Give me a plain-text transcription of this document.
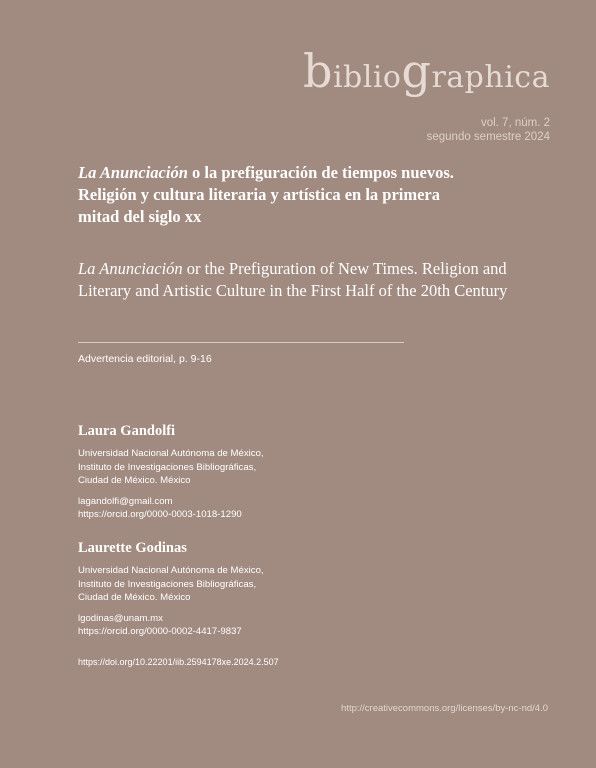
bibliographica
vol. 7, núm. 2
segundo semestre 2024
La Anunciación o la prefiguración de tiempos nuevos. Religión y cultura literaria y artística en la primera mitad del siglo xx
La Anunciación or the Prefiguration of New Times. Religion and Literary and Artistic Culture in the First Half of the 20th Century
Advertencia editorial, p. 9-16
Laura Gandolfi
Universidad Nacional Autónoma de México,
Instituto de Investigaciones Bibliográficas,
Ciudad de México. México
lagandolfi@gmail.com
https://orcid.org/0000-0003-1018-1290
Laurette Godinas
Universidad Nacional Autónoma de México,
Instituto de Investigaciones Bibliográficas,
Ciudad de México. México
lgodinas@unam.mx
https://orcid.org/0000-0002-4417-9837
https://doi.org/10.22201/iib.2594178xe.2024.2.507
http://creativecommons.org/licenses/by-nc-nd/4.0
